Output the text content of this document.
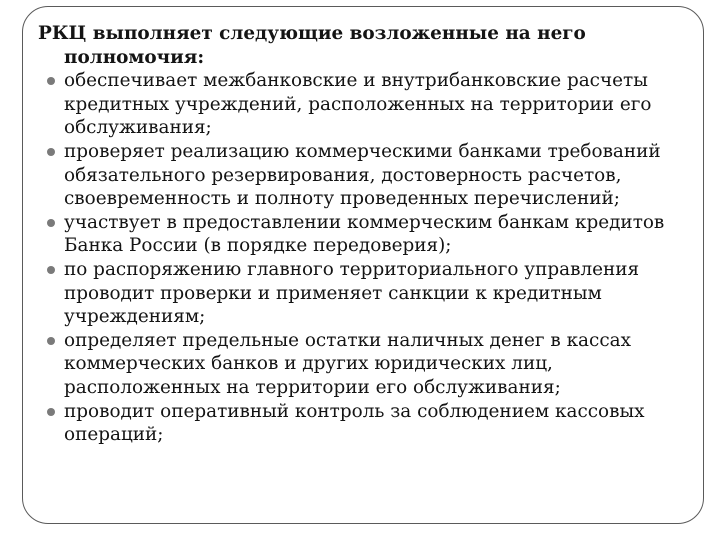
РКЦ выполняет следующие возложенные на него полномочия:
обеспечивает межбанковские и внутрибанковские расчеты кредитных учреждений, расположенных на территории его обслуживания;
проверяет реализацию коммерческими банками требований обязательного резервирования, достоверность расчетов, своевременность и полноту проведенных перечислений;
участвует в предоставлении коммерческим банкам кредитов Банка России (в порядке передоверия);
по распоряжению главного территориального управления проводит проверки и применяет санкции к кредитным учреждениям;
определяет предельные остатки наличных денег в кассах коммерческих банков и других юридических лиц, расположенных на территории его обслуживания;
проводит оперативный контроль за соблюдением кассовых операций;
